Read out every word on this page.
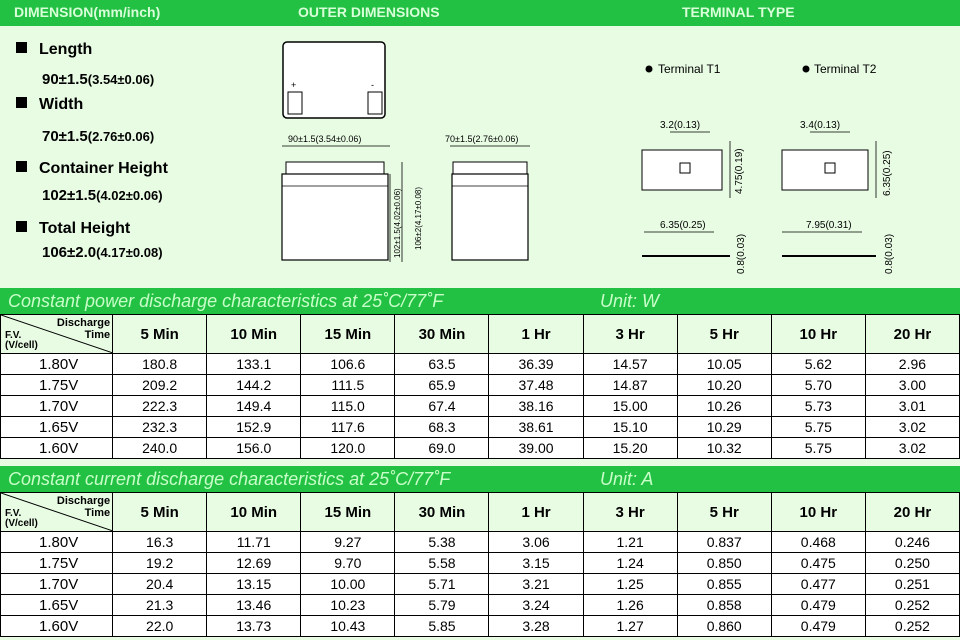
DIMENSION(mm/inch)	OUTER DIMENSIONS	TERMINAL TYPE
Length
90±1.5(3.54±0.06)
Width
70±1.5(2.76±0.06)
Container Height
102±1.5(4.02±0.06)
Total Height
106±2.0(4.17±0.08)
+	-
90±1.5(3.54±0.06)
102±1.5(4.02±0.06) 106±2(4.17±0.08)
70±1.5(2.76±0.06)
Terminal T1	Terminal T2
3.2(0.13)
4.75(0.19)
6.35(0.25)
0.8(0.03)
3.4(0.13)
6.35(0.25)
7.95(0.31)
0.8(0.03)
Constant power discharge characteristics at 25˚C/77˚F	Unit: W
Discharge
Time
F.V.
(V/cell)	5 Min	10 Min	15 Min	30 Min	1 Hr	3 Hr	5 Hr	10 Hr	20 Hr
1.80V	180.8	133.1	106.6	63.5	36.39	14.57	10.05	5.62	2.96
1.75V	209.2	144.2	111.5	65.9	37.48	14.87	10.20	5.70	3.00
1.70V	222.3	149.4	115.0	67.4	38.16	15.00	10.26	5.73	3.01
1.65V	232.3	152.9	117.6	68.3	38.61	15.10	10.29	5.75	3.02
1.60V	240.0	156.0	120.0	69.0	39.00	15.20	10.32	5.75	3.02
Constant current discharge characteristics at 25˚C/77˚F	Unit: A
Discharge
Time
F.V.
(V/cell)	5 Min	10 Min	15 Min	30 Min	1 Hr	3 Hr	5 Hr	10 Hr	20 Hr
1.80V	16.3	11.71	9.27	5.38	3.06	1.21	0.837	0.468	0.246
1.75V	19.2	12.69	9.70	5.58	3.15	1.24	0.850	0.475	0.250
1.70V	20.4	13.15	10.00	5.71	3.21	1.25	0.855	0.477	0.251
1.65V	21.3	13.46	10.23	5.79	3.24	1.26	0.858	0.479	0.252
1.60V	22.0	13.73	10.43	5.85	3.28	1.27	0.860	0.479	0.252
